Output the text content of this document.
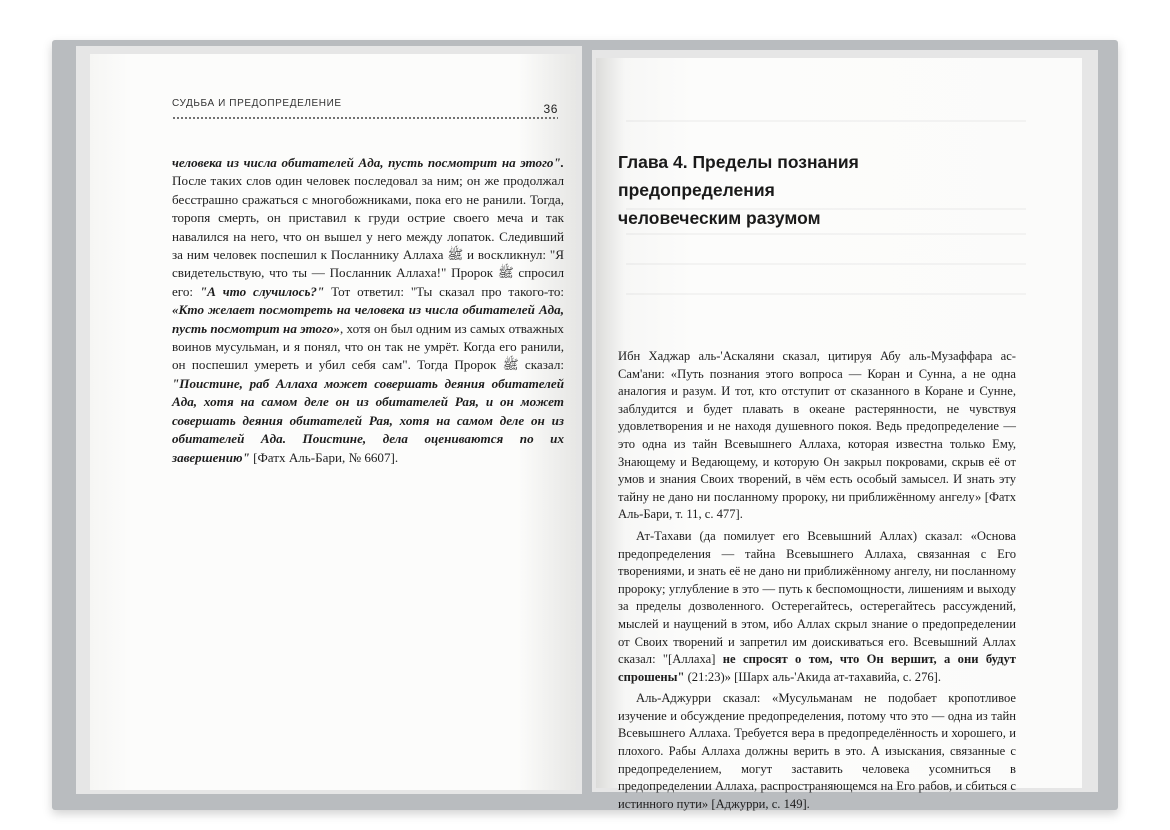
СУДЬБА И ПРЕДОПРЕДЕЛЕНИЕ	36

человека из числа обитателей Ада, пусть посмотрит на этого". После таких слов один человек последовал за ним; он же продолжал бесстрашно сражаться с многобожниками, пока его не ранили. Тогда, торопя смерть, он приставил к груди острие своего меча и так навалился на него, что он вышел у него между лопаток. Следивший за ним человек поспешил к Посланнику Аллаха ﷺ и воскликнул: "Я свидетельствую, что ты — Посланник Аллаха!" Пророк ﷺ спросил его: "А что случилось?" Тот ответил: "Ты сказал про такого-то: «Кто желает посмотреть на человека из числа обитателей Ада, пусть посмотрит на этого», хотя он был одним из самых отважных воинов мусульман, и я понял, что он так не умрёт. Когда его ранили, он поспешил умереть и убил себя сам". Тогда Пророк ﷺ сказал: "Поистине, раб Аллаха может совершать деяния обитателей Ада, хотя на самом деле он из обитателей Рая, и он может совершать деяния обитателей Рая, хотя на самом деле он из обитателей Ада. Поистине, дела оцениваются по их завершению" [Фатх Аль-Бари, № 6607].

Глава 4. Пределы познания предопределения
человеческим разумом

Ибн Хаджар аль-'Аскаляни сказал, цитируя Абу аль-Музаффара ас-Сам'ани: «Путь познания этого вопроса — Коран и Сунна, а не одна аналогия и разум. И тот, кто отступит от сказанного в Коране и Сунне, заблудится и будет плавать в океане растерянности, не чувствуя удовлетворения и не находя душевного покоя. Ведь предопределение — это одна из тайн Всевышнего Аллаха, которая известна только Ему, Знающему и Ведающему, и которую Он закрыл покровами, скрыв её от умов и знания Своих творений, в чём есть особый замысел. И знать эту тайну не дано ни посланному пророку, ни приближённому ангелу» [Фатх Аль-Бари, т. 11, с. 477].

Ат-Тахави (да помилует его Всевышний Аллах) сказал: «Основа предопределения — тайна Всевышнего Аллаха, связанная с Его творениями, и знать её не дано ни приближённому ангелу, ни посланному пророку; углубление в это — путь к беспомощности, лишениям и выходу за пределы дозволенного. Остерегайтесь, остерегайтесь рассуждений, мыслей и наущений в этом, ибо Аллах скрыл знание о предопределении от Своих творений и запретил им доискиваться его. Всевышний Аллах сказал: "[Аллаха] не спросят о том, что Он вершит, а они будут спрошены" (21:23)» [Шарх аль-'Акида ат-тахавийа, с. 276].

Аль-Аджурри сказал: «Мусульманам не подобает кропотливое изучение и обсуждение предопределения, потому что это — одна из тайн Всевышнего Аллаха. Требуется вера в предопределённость и хорошего, и плохого. Рабы Аллаха должны верить в это. А изыскания, связанные с предопределением, могут заставить человека усомниться в предопределении Аллаха, распространяющемся на Его рабов, и сбиться с истинного пути» [Аджурри, с. 149].
